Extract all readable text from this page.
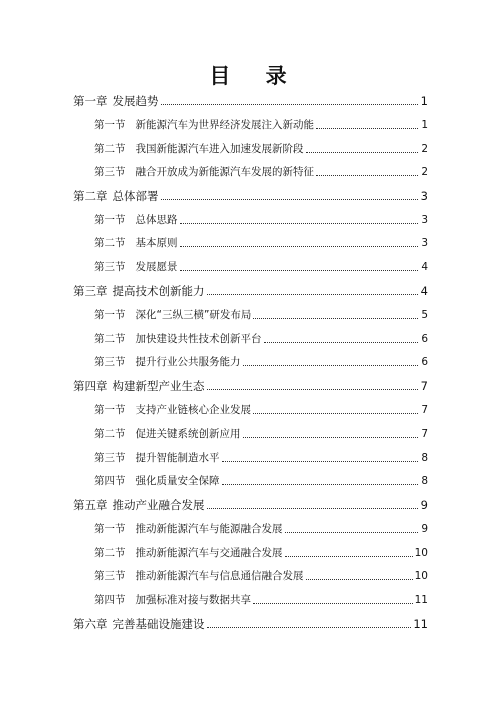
目 录
第一章 发展趋势	1
第一节 新能源汽车为世界经济发展注入新动能	1
第二节 我国新能源汽车进入加速发展新阶段	2
第三节 融合开放成为新能源汽车发展的新特征	2
第二章 总体部署	3
第一节 总体思路	3
第二节 基本原则	3
第三节 发展愿景	4
第三章 提高技术创新能力	4
第一节 深化“三纵三横”研发布局	5
第二节 加快建设共性技术创新平台	6
第三节 提升行业公共服务能力	6
第四章 构建新型产业生态	7
第一节 支持产业链核心企业发展	7
第二节 促进关键系统创新应用	7
第三节 提升智能制造水平	8
第四节 强化质量安全保障	8
第五章 推动产业融合发展	9
第一节 推动新能源汽车与能源融合发展	9
第二节 推动新能源汽车与交通融合发展	10
第三节 推动新能源汽车与信息通信融合发展	10
第四节 加强标准对接与数据共享	11
第六章 完善基础设施建设	11
